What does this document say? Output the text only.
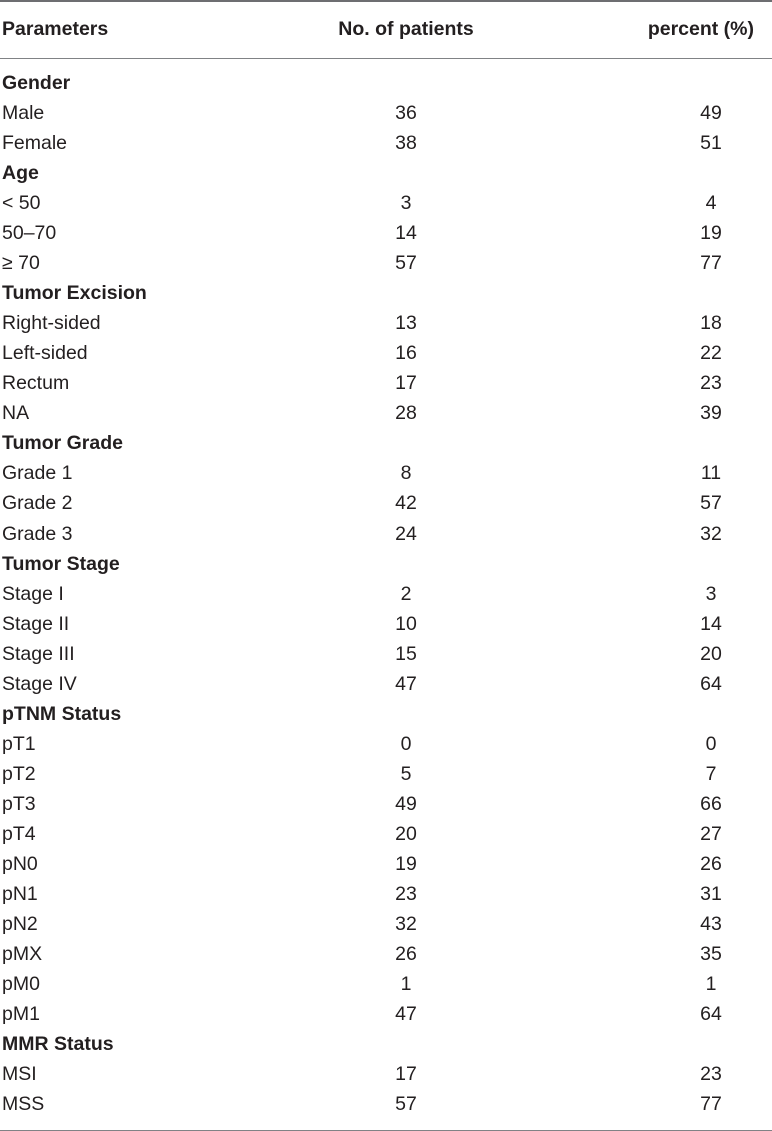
Parameters	No. of patients	percent (%)
Gender
Male	36	49
Female	38	51
Age
< 50	3	4
50–70	14	19
≥ 70	57	77
Tumor Excision
Right-sided	13	18
Left-sided	16	22
Rectum	17	23
NA	28	39
Tumor Grade
Grade 1	8	11
Grade 2	42	57
Grade 3	24	32
Tumor Stage
Stage I	2	3
Stage II	10	14
Stage III	15	20
Stage IV	47	64
pTNM Status
pT1	0	0
pT2	5	7
pT3	49	66
pT4	20	27
pN0	19	26
pN1	23	31
pN2	32	43
pMX	26	35
pM0	1	1
pM1	47	64
MMR Status
MSI	17	23
MSS	57	77
